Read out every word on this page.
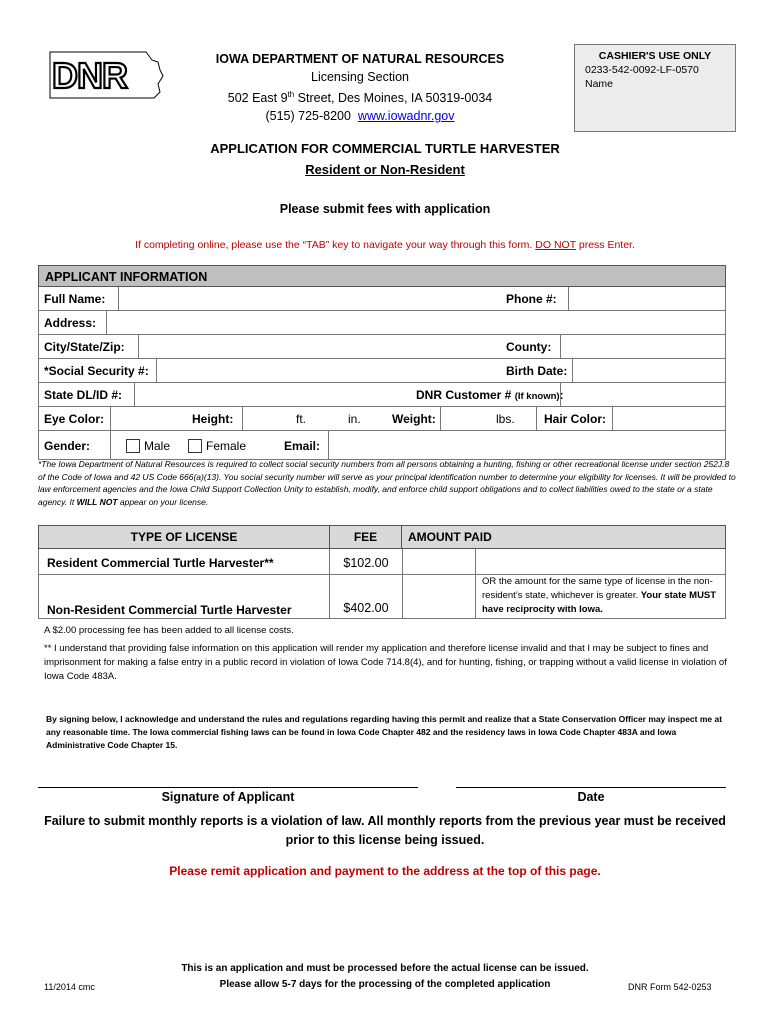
DNR	IOWA DEPARTMENT OF NATURAL RESOURCES
Licensing Section
502 East 9th Street, Des Moines, IA 50319-0034
(515) 725-8200 www.iowadnr.gov
CASHIER'S USE ONLY
0233-542-0092-LF-0570
Name
APPLICATION FOR COMMERCIAL TURTLE HARVESTER
Resident or Non-Resident
Please submit fees with application
If completing online, please use the “TAB” key to navigate your way through this form. DO NOT press Enter.
APPLICANT INFORMATION
Full Name:	Phone #:
Address:
City/State/Zip:	County:
*Social Security #:	Birth Date:
State DL/ID #:	DNR Customer # (If known):
Eye Color:	Height:	ft.	in.	Weight:	lbs. Hair Color:
Gender:	Male	Female	Email:
*The Iowa Department of Natural Resources is required to collect social security numbers from all persons obtaining a hunting, fishing or other recreational license under section 252J.8 of the Code of Iowa and 42 US Code 666(a)(13). You social security number will serve as your principal identification number to determine your eligibility for licenses. It will be provided to law enforcement agencies and the Iowa Child Support Collection Unity to establish, modify, and enforce child support obligations and to collect liabilities owed to the state or a state agency. It WILL NOT appear on your license.
TYPE OF LICENSE	FEE	AMOUNT PAID
Resident Commercial Turtle Harvester**	$102.00
Non-Resident Commercial Turtle Harvester	$402.00
OR the amount for the same type of license in the non-resident’s state, whichever is greater. Your state MUST have reciprocity with Iowa.
A $2.00 processing fee has been added to all license costs.
** I understand that providing false information on this application will render my application and therefore license invalid and that I may be subject to fines and imprisonment for making a false entry in a public record in violation of Iowa Code 714.8(4), and for hunting, fishing, or trapping without a valid license in violation of Iowa Code 483A.
By signing below, I acknowledge and understand the rules and regulations regarding having this permit and realize that a State Conservation Officer may inspect me at any reasonable time. The Iowa commercial fishing laws can be found in Iowa Code Chapter 482 and the residency laws in Iowa Code Chapter 483A and Iowa Administrative Code Chapter 15.
Signature of Applicant	Date
Failure to submit monthly reports is a violation of law. All monthly reports from the previous year must be received
prior to this license being issued.
Please remit application and payment to the address at the top of this page.
This is an application and must be processed before the actual license can be issued.
Please allow 5-7 days for the processing of the completed application
11/2014 cmc	DNR Form 542-0253
